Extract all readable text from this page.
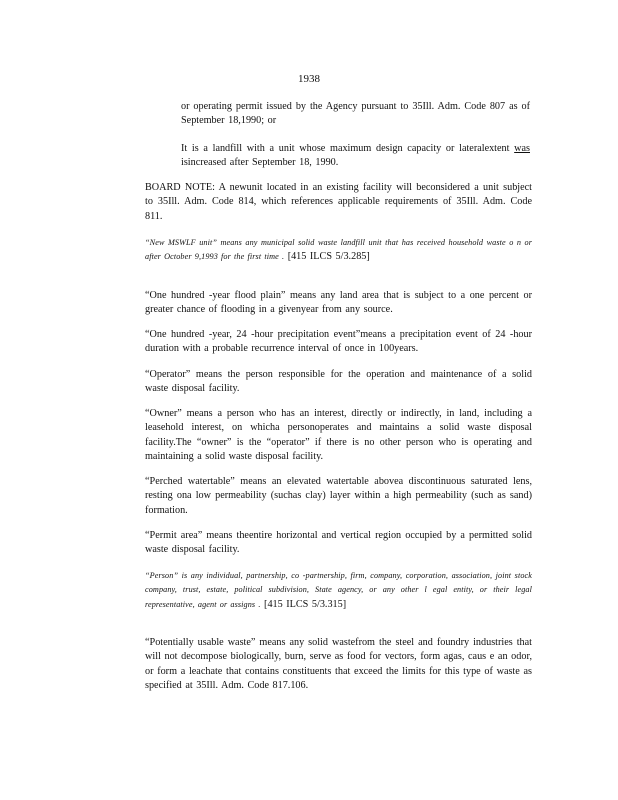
1938
or operating permit issued by the Agency pursuant to 35Ill. Adm. Code 807 as of September 18,1990; or
It is a landfill with a unit whose maximum design capacity or lateralextent was isincreased after September 18, 1990.
BOARD NOTE: A newunit located in an existing facility will beconsidered a unit subject to 35Ill. Adm. Code 814, which references applicable requirements of 35Ill. Adm. Code 811.
“New MSWLF unit” means any municipal solid waste landfill unit that has received household waste o n or after October 9,1993 for the first time . [415 ILCS 5/3.285]
“One hundred -year flood plain” means any land area that is subject to a one percent or greater chance of flooding in a givenyear from any source.
“One hundred -year, 24 -hour precipitation event”means a precipitation event of 24 -hour duration with a probable recurrence interval of once in 100years.
“Operator” means the person responsible for the operation and maintenance of a solid waste disposal facility.
“Owner” means a person who has an interest, directly or indirectly, in land, including a leasehold interest, on whicha personoperates and maintains a solid waste disposal facility.The “owner” is the “operator” if there is no other person who is operating and maintaining a solid waste disposal facility.
“Perched watertable” means an elevated watertable abovea discontinuous saturated lens, resting ona low permeability (suchas clay) layer within a high permeability (such as sand) formation.
“Permit area” means theentire horizontal and vertical region occupied by a permitted solid waste disposal facility.
“Person” is any individual, partnership, co -partnership, firm, company, corporation, association, joint stock company, trust, estate, political subdivision, State agency, or any other l egal entity, or their legal representative, agent or assigns . [415 ILCS 5/3.315]
“Potentially usable waste” means any solid wastefrom the steel and foundry industries that will not decompose biologically, burn, serve as food for vectors, form agas, caus e an odor, or form a leachate that contains constituents that exceed the limits for this type of waste as specified at 35Ill. Adm. Code 817.106.
